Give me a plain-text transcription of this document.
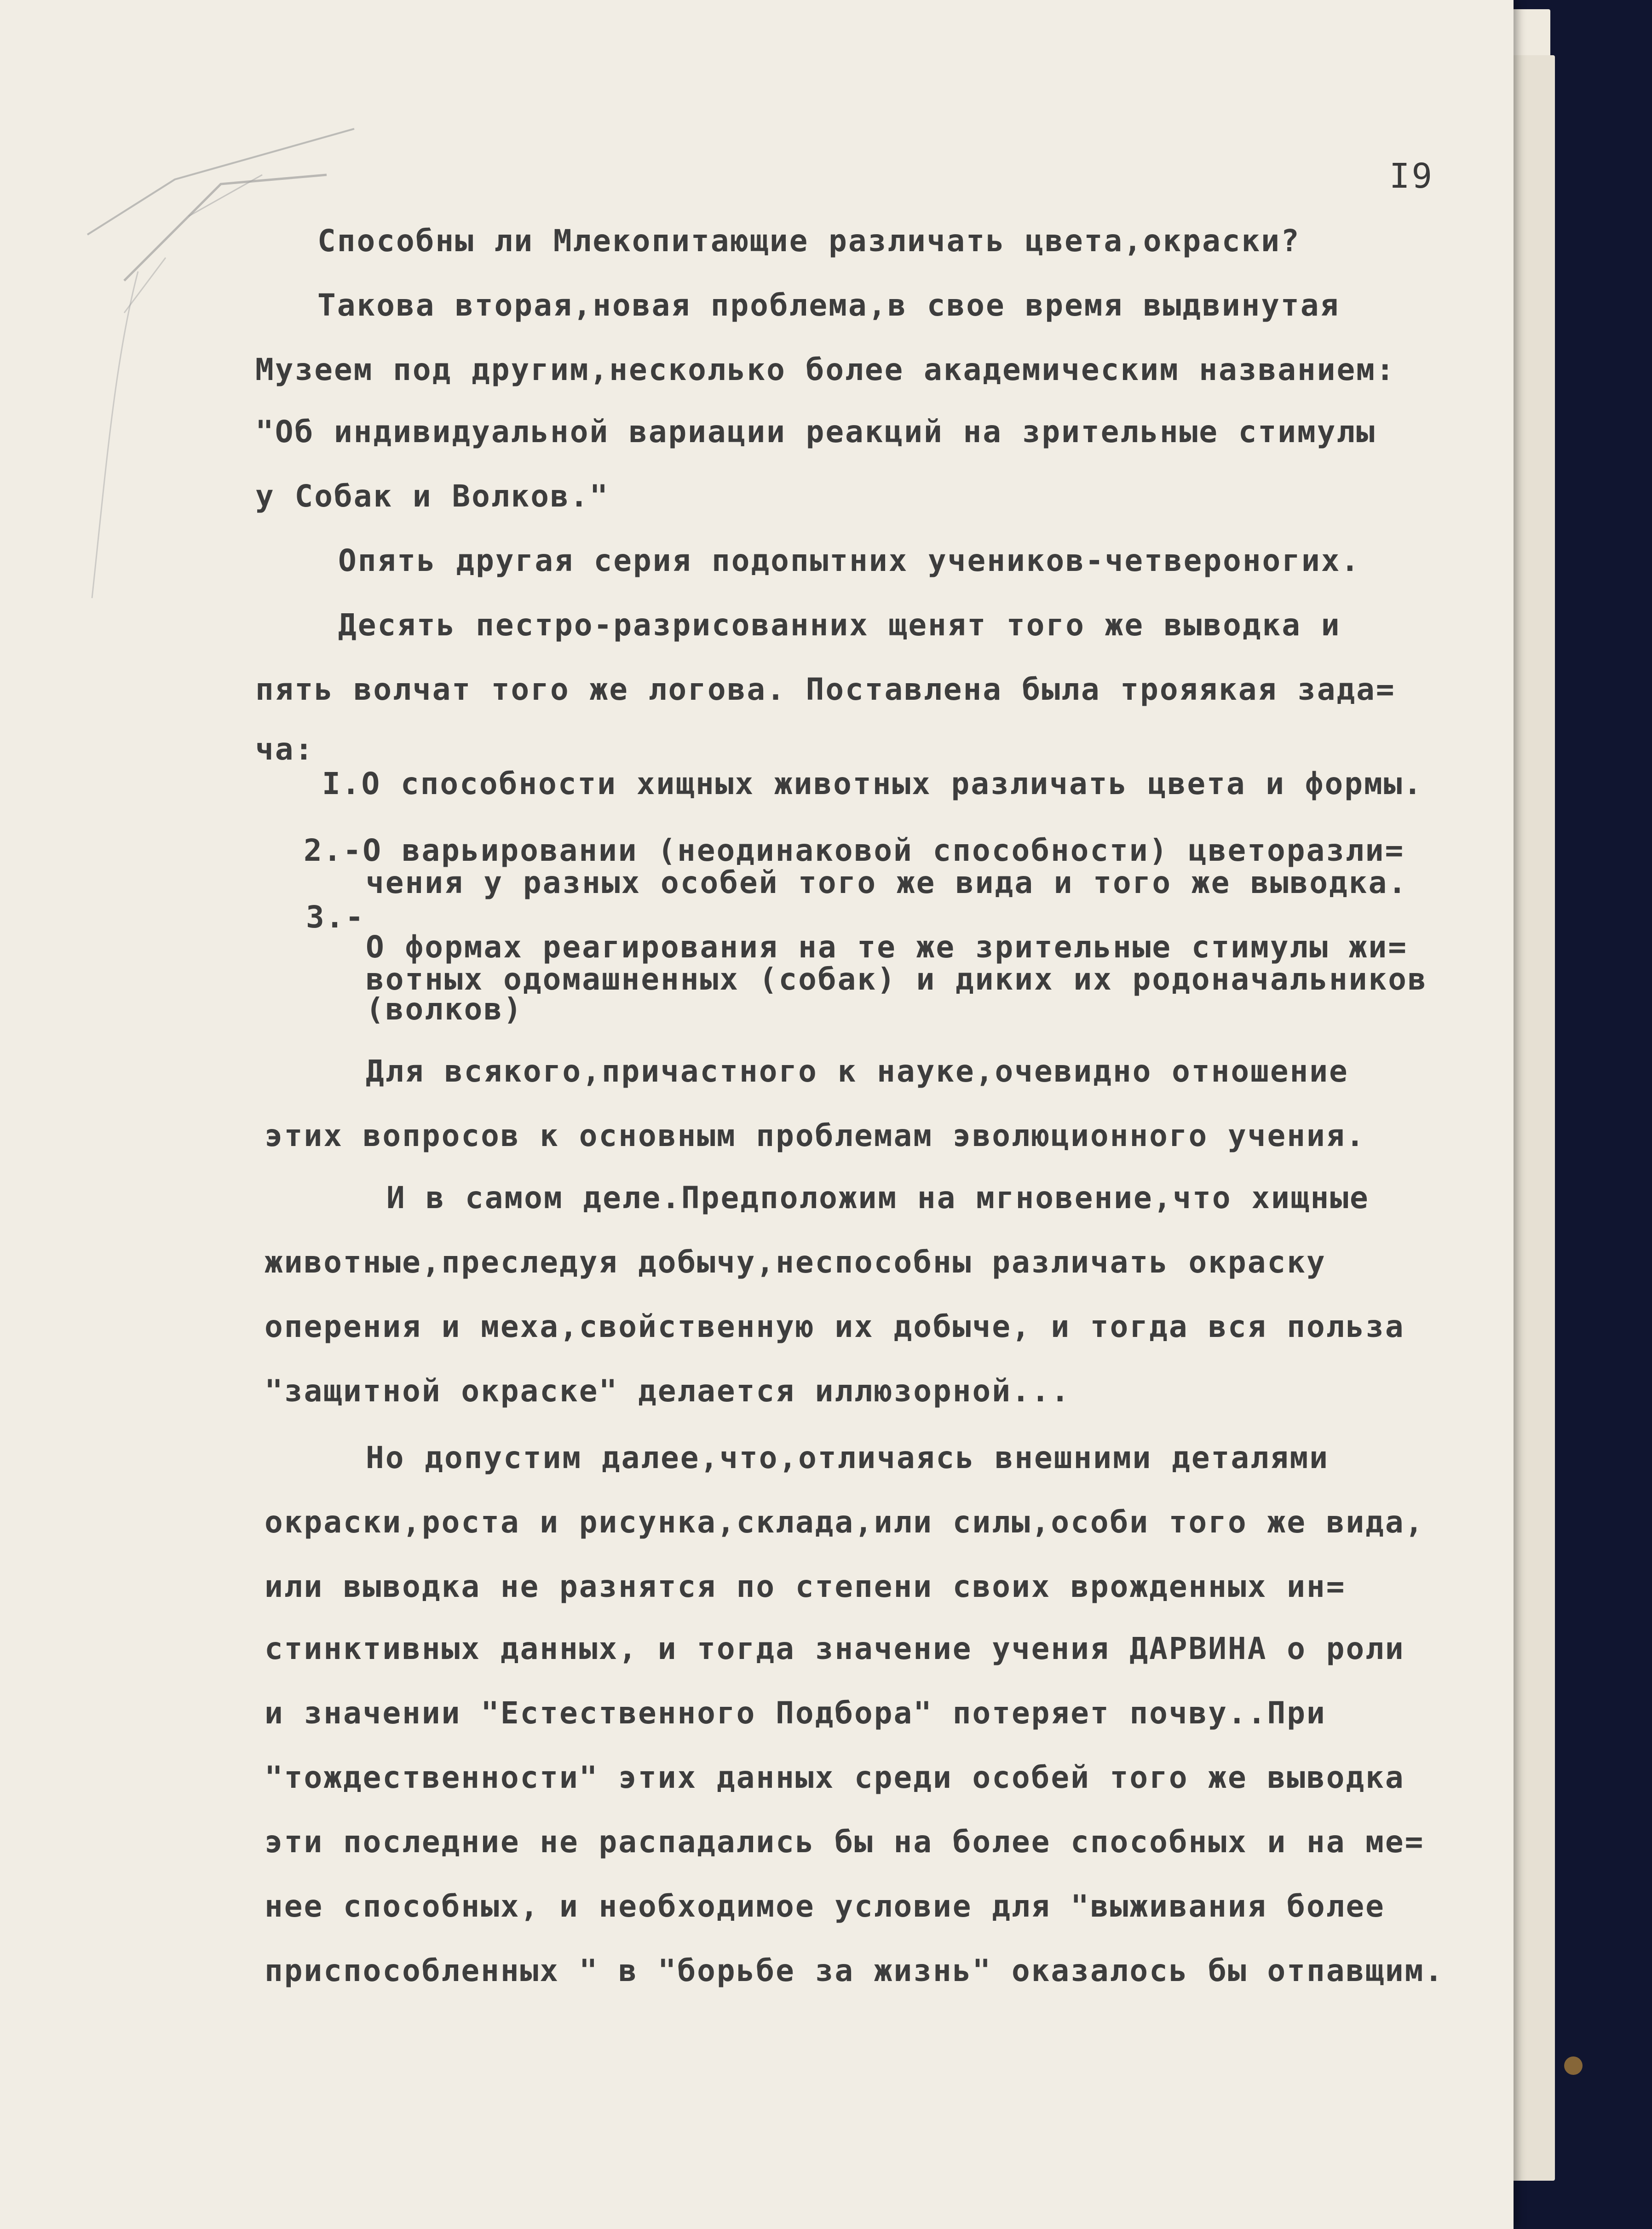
I9
Способны ли Млекопитающие различать цвета,окраски?
Такова вторая,новая проблема,в свое время выдвинутая
Музеем под другим,несколько более академическим названием:
"Об индивидуальной вариации реакций на зрительные стимулы
у Собак и Волков."
Опять другая серия подопытних учеников-четвероногих.
Десять пестро-разрисованних щенят того же выводка и
пять волчат того же логова. Поставлена была трояякая зада=
ча:
I.О способности хищных животных различать цвета и формы.
2.-О варьировании (неодинаковой способности) цветоразли=
чения у разных особей того же вида и того же выводка.
3.-
О формах реагирования на те же зрительные стимулы жи=
вотных одомашненных (собак) и диких их родоначальников
(волков)
Для всякого,причастного к науке,очевидно отношение
этих вопросов к основным проблемам эволюционного учения.
И в самом деле.Предположим на мгновение,что хищные
животные,преследуя добычу,неспособны различать окраску
оперения и меха,свойственную их добыче, и тогда вся польза
"защитной окраске" делается иллюзорной...
Но допустим далее,что,отличаясь внешними деталями
окраски,роста и рисунка,склада,или силы,особи того же вида,
или выводка не разнятся по степени своих врожденных ин=
стинктивных данных, и тогда значение учения ДАРВИНА о роли
и значении "Естественного Подбора" потеряет почву..При
"тождественности" этих данных среди особей того же выводка
эти последние не распадались бы на более способных и на ме=
нее способных, и необходимое условие для "выживания более
приспособленных " в "борьбе за жизнь" оказалось бы отпавщим.
